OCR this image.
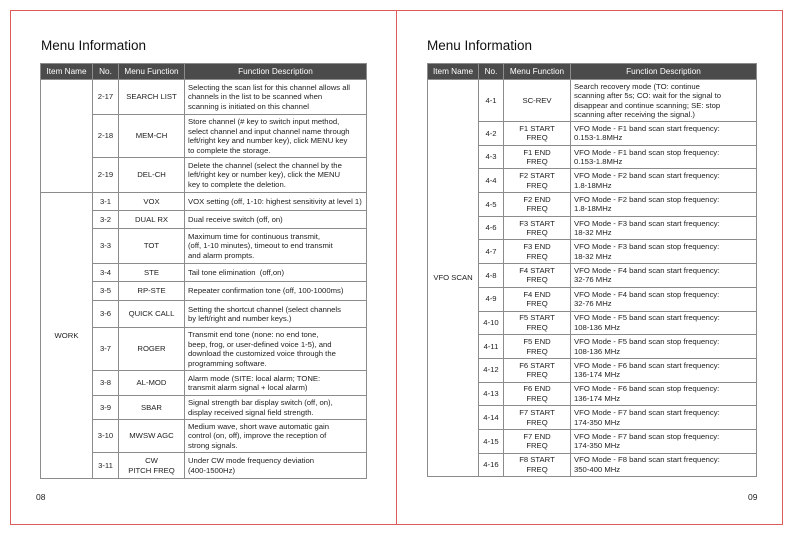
Menu Information
Item Name	No.	Menu Function	Function Description
	2-17	SEARCH LIST	Selecting the scan list for this channel allows all
channels in the list to be scanned when
scanning is initiated on this channel
	2-18	MEM-CH	Store channel (# key to switch input method,
select channel and input channel name through
left/right key and number key), click MENU key
to complete the storage.
	2-19	DEL-CH	Delete the channel (select the channel by the
left/right key or number key), click the MENU
key to complete the deletion.
WORK	3-1	VOX	VOX setting (off, 1-10: highest sensitivity at level 1)
	3-2	DUAL RX	Dual receive switch (off, on)
	3-3	TOT	Maximum time for continuous transmit,
(off, 1-10 minutes), timeout to end transmit
and alarm prompts.
	3-4	STE	Tail tone elimination  (off,on)
	3-5	RP-STE	Repeater confirmation tone (off, 100-1000ms)
	3-6	QUICK CALL	Setting the shortcut channel (select channels
by left/right and number keys.)
	3-7	ROGER	Transmit end tone (none: no end tone,
beep, frog, or user-defined voice 1-5), and
download the customized voice through the
programming software.
	3-8	AL-MOD	Alarm mode (SITE: local alarm; TONE:
transmit alarm signal + local alarm)
	3-9	SBAR	Signal strength bar display switch (off, on),
display received signal field strength.
	3-10	MWSW AGC	Medium wave, short wave automatic gain
control (on, off), improve the reception of
strong signals.
	3-11	CW
PITCH FREQ	Under CW mode frequency deviation
(400-1500Hz)
08
Menu Information
Item Name	No.	Menu Function	Function Description
VFO SCAN	4-1	SC-REV	Search recovery mode (TO: continue
scanning after 5s; CO: wait for the signal to
disappear and continue scanning; SE: stop
scanning after receiving the signal.)
	4-2	F1 START
FREQ	VFO Mode - F1 band scan start frequency:
0.153-1.8MHz
	4-3	F1 END
FREQ	VFO Mode - F1 band scan stop frequency:
0.153-1.8MHz
	4-4	F2 START
FREQ	VFO Mode - F2 band scan start frequency:
1.8-18MHz
	4-5	F2 END
FREQ	VFO Mode - F2 band scan stop frequency:
1.8-18MHz
	4-6	F3 START
FREQ	VFO Mode - F3 band scan start frequency:
18-32 MHz
	4-7	F3 END
FREQ	VFO Mode - F3 band scan stop frequency:
18-32 MHz
	4-8	F4 START
FREQ	VFO Mode - F4 band scan start frequency:
32-76 MHz
	4-9	F4 END
FREQ	VFO Mode - F4 band scan stop frequency:
32-76 MHz
	4-10	F5 START
FREQ	VFO Mode - F5 band scan start frequency:
108-136 MHz
	4-11	F5 END
FREQ	VFO Mode - F5 band scan stop frequency:
108-136 MHz
	4-12	F6 START
FREQ	VFO Mode - F6 band scan start frequency:
136-174 MHz
	4-13	F6 END
FREQ	VFO Mode - F6 band scan stop frequency:
136-174 MHz
	4-14	F7 START
FREQ	VFO Mode - F7 band scan start frequency:
174-350 MHz
	4-15	F7 END
FREQ	VFO Mode - F7 band scan stop frequency:
174-350 MHz
	4-16	F8 START
FREQ	VFO Mode - F8 band scan start frequency:
350-400 MHz
09
